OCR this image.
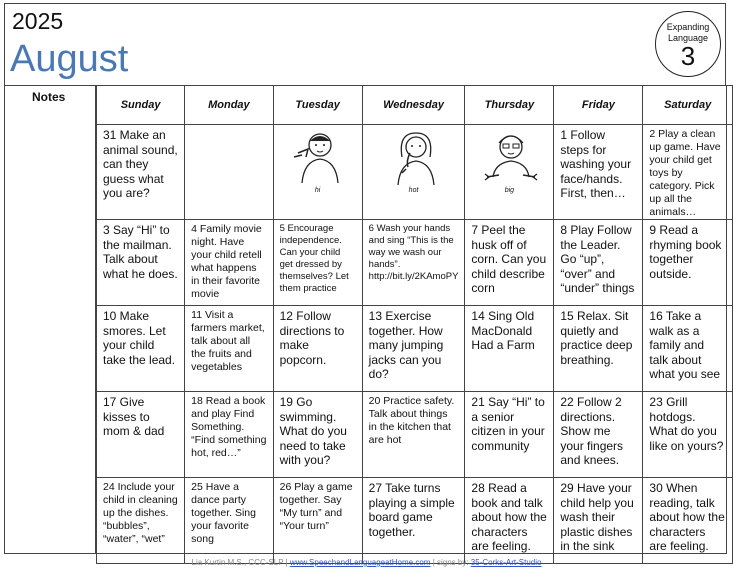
2025
August
Expanding
Language
3
Notes
Sunday	Monday	Tuesday	Wednesday	Thursday	Friday	Saturday

31 Make an animal sound, can they guess what you are?		hi	hot	big	1 Follow steps for washing your face/hands. First, then…	2 Play a clean up game. Have your child get toys by category. Pick up all the animals…

3 Say “Hi” to the mailman. Talk about what he does.	4 Family movie night. Have your child retell what happens in their favorite movie	5 Encourage independence. Can your child get dressed by themselves? Let them practice	6 Wash your hands and sing “This is the way we wash our hands”. http://bit.ly/2KAmoPY	7 Peel the husk off of corn. Can you child describe corn	8 Play Follow the Leader. Go “up”, “over” and “under” things	9 Read a rhyming book together outside.

10 Make smores. Let your child take the lead.	11 Visit a farmers market, talk about all the fruits and vegetables	12 Follow directions to make popcorn.	13 Exercise together. How many jumping jacks can you do?	14 Sing Old MacDonald Had a Farm	15 Relax. Sit quietly and practice deep breathing.	16 Take a walk as a family and talk about what you see

17 Give kisses to mom & dad	18 Read a book and play Find Something. “Find something hot, red…”	19 Go swimming. What do you need to take with you?	20 Practice safety. Talk about things in the kitchen that are hot	21 Say “Hi” to a senior citizen in your community	22 Follow 2 directions. Show me your fingers and knees.	23 Grill hotdogs. What do you like on yours?

24 Include your child in cleaning up the dishes. “bubbles”, “water”, “wet”	25 Have a dance party together. Sing your favorite song	26 Play a game together. Say “My turn” and “Your turn”	27 Take turns playing a simple board game together.	28 Read a book and talk about how the characters are feeling.	29 Have your child help you wash their plastic dishes in the sink	30 When reading, talk about how the characters are feeling.
Lia Kurtin M.S., CCC-SLP | www.SpeechandLanguageatHome.com | signs by: 35-Corks-Art-Studio
